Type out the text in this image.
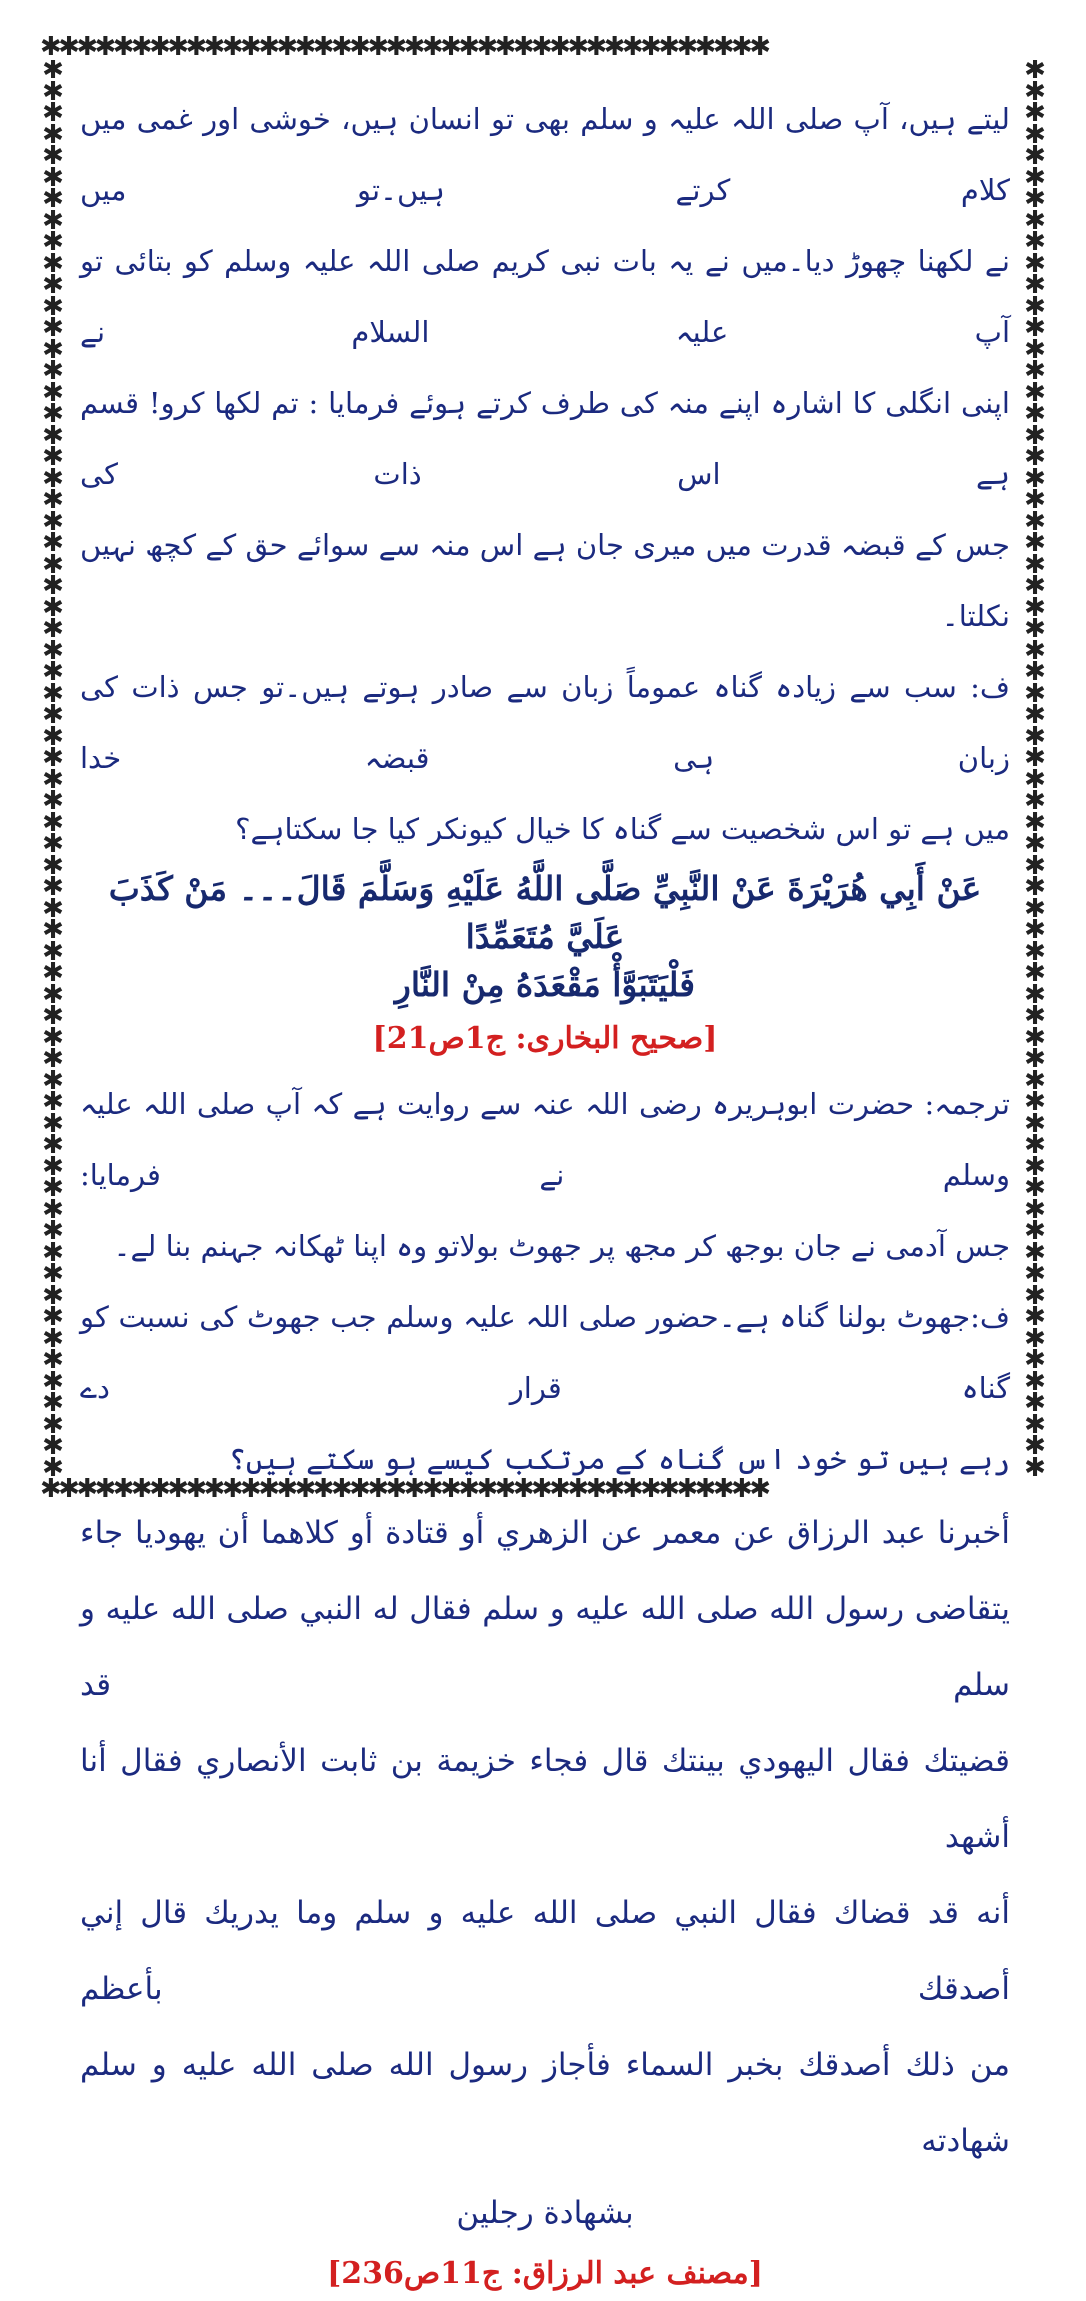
✱✱✱✱✱✱✱✱✱✱✱✱✱✱✱✱✱✱✱✱✱✱✱✱✱✱✱✱✱✱✱✱✱✱✱✱✱✱✱✱
✱✱✱✱✱✱✱✱✱✱✱✱✱✱✱✱✱✱✱✱✱✱✱✱✱✱✱✱✱✱✱✱✱✱✱✱✱✱✱✱
✱
✱
✱
✱
✱
✱
✱
✱
✱
✱
✱
✱
✱
✱
✱
✱
✱
✱
✱
✱
✱
✱
✱
✱
✱
✱
✱
✱
✱
✱
✱
✱
✱
✱
✱
✱
✱
✱
✱
✱
✱
✱
✱
✱
✱
✱
✱
✱
✱
✱
✱
✱
✱
✱
✱
✱
✱
✱
✱
✱
✱
✱
✱
✱
✱
✱
✱
✱
✱
✱
✱
✱
✱
✱
✱
✱
✱
✱
✱
✱
✱
✱
✱
✱
✱
✱
✱
✱
✱
✱
✱
✱
✱
✱
✱
✱
✱
✱
✱
✱
✱
✱
✱
✱
✱
✱
✱
✱
✱
✱
✱
✱
✱
✱
✱
✱
✱
✱
✱
✱
✱
✱
✱
✱
✱
✱
✱
✱
✱
✱
✱
✱

لیتے ہیں، آپ صلی اللہ علیہ و سلم بھی تو انسان ہیں، خوشی اور غمی میں کلام کرتے ہیں۔تو میں

نے لکھنا چھوڑ دیا۔میں نے یہ بات نبی کریم صلی اللہ علیہ وسلم کو بتائی تو آپ علیہ السلام نے

اپنی انگلی کا اشارہ اپنے منہ کی طرف کرتے ہوئے فرمایا : تم لکھا کرو! قسم ہے اس ذات کی

جس کے قبضہ قدرت میں میری جان ہے اس منہ سے سوائے حق کے کچھ نہیں نکلتا۔

ف: سب سے زیادہ گناہ عموماً زبان سے صادر ہوتے ہیں۔تو جس ذات کی زبان ہی قبضہ خدا

میں ہے تو اس شخصیت سے گناہ کا خیال کیونکر کیا جا سکتاہے؟

عَنْ أَبِي هُرَيْرَةَ عَنْ النَّبِيِّ صَلَّى اللَّهُ عَلَيْهِ وَسَلَّمَ قَالَ۔۔۔ مَنْ كَذَبَ عَلَيَّ مُتَعَمِّدًا

فَلْيَتَبَوَّأْ مَقْعَدَهُ مِنْ النَّارِ

[صحیح البخاری: ج1ص21]

ترجمہ: حضرت ابوہریرہ رضی اللہ عنہ سے روایت ہے کہ آپ صلی اللہ علیہ وسلم نے فرمایا:

جس آدمی نے جان بوجھ کر مجھ پر جھوٹ بولاتو وہ اپنا ٹھکانہ جہنم بنا لے۔

ف:جھوٹ بولنا گناہ ہے۔حضور صلی اللہ علیہ وسلم جب جھوٹ کی نسبت کو گناہ قرار دے

رہے ہیں تو خود اس گناہ کے مرتکب کیسے ہو سکتے ہیں؟

أخبرنا عبد الرزاق عن معمر عن الزهري أو قتادة أو كلاهما أن يهوديا جاء

يتقاضى رسول الله صلى الله عليه و سلم فقال له النبي صلى الله عليه و سلم قد

قضيتك فقال اليهودي بينتك قال فجاء خزيمة بن ثابت الأنصاري فقال أنا أشهد

أنه قد قضاك فقال النبي صلى الله عليه و سلم وما يدريك قال إني أصدقك بأعظم

من ذلك أصدقك بخبر السماء فأجاز رسول الله صلى الله عليه و سلم شهادته

بشهادة رجلين

[مصنف عبد الرزاق: ج11ص236]
